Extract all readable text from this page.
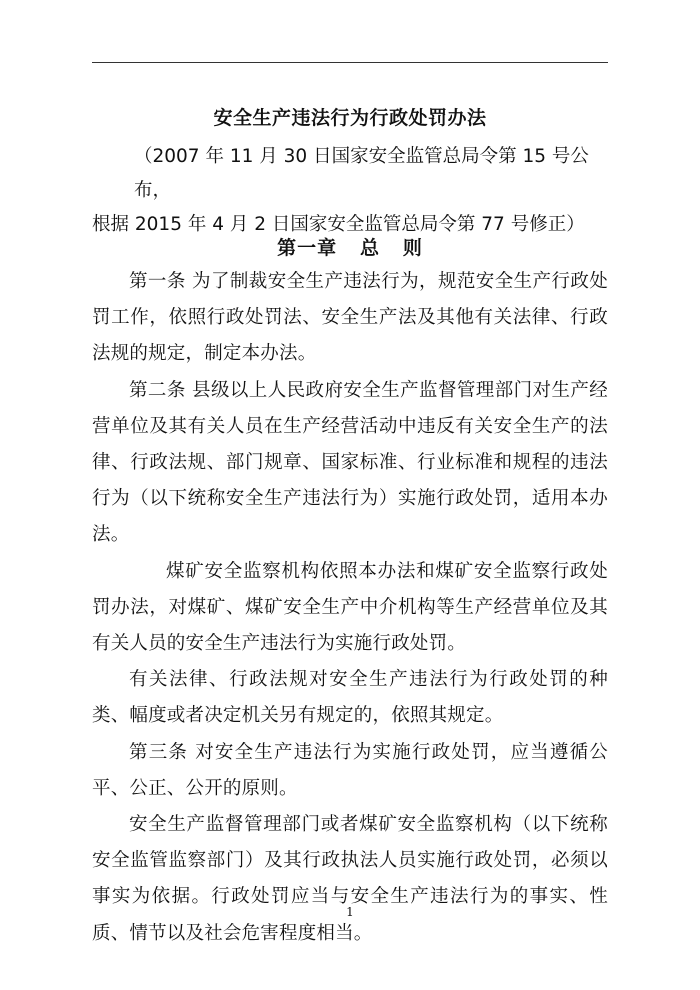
安全生产违法行为行政处罚办法

（2007 年 11 月 30 日国家安全监管总局令第 15 号公布，
根据 2015 年 4 月 2 日国家安全监管总局令第 77 号修正）

第一章   总   则

第一条 为了制裁安全生产违法行为，规范安全生产行政处罚工作，依照行政处罚法、安全生产法及其他有关法律、行政法规的规定，制定本办法。

第二条 县级以上人民政府安全生产监督管理部门对生产经营单位及其有关人员在生产经营活动中违反有关安全生产的法律、行政法规、部门规章、国家标准、行业标准和规程的违法行为（以下统称安全生产违法行为）实施行政处罚，适用本办法。

煤矿安全监察机构依照本办法和煤矿安全监察行政处罚办法，对煤矿、煤矿安全生产中介机构等生产经营单位及其有关人员的安全生产违法行为实施行政处罚。

有关法律、行政法规对安全生产违法行为行政处罚的种类、幅度或者决定机关另有规定的，依照其规定。

第三条 对安全生产违法行为实施行政处罚，应当遵循公平、公正、公开的原则。

安全生产监督管理部门或者煤矿安全监察机构（以下统称安全监管监察部门）及其行政执法人员实施行政处罚，必须以事实为依据。行政处罚应当与安全生产违法行为的事实、性质、情节以及社会危害程度相当。

1
